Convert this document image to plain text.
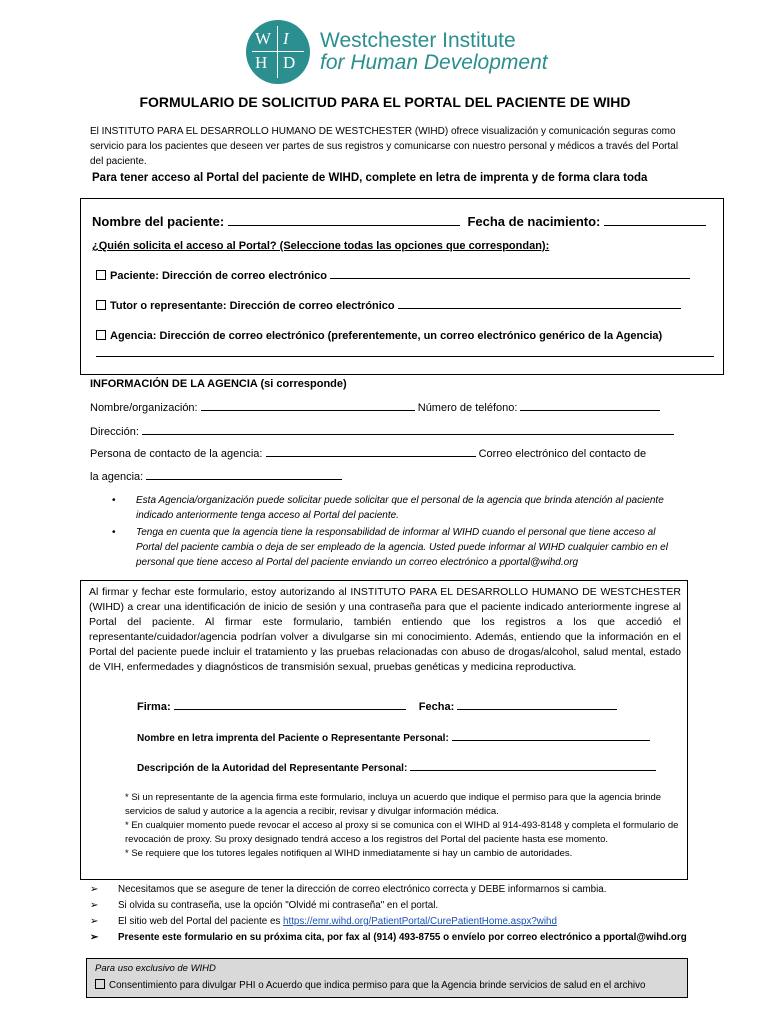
W I
H D
Westchester Institute
for Human Development
FORMULARIO DE SOLICITUD PARA EL PORTAL DEL PACIENTE DE WIHD
El INSTITUTO PARA EL DESARROLLO HUMANO DE WESTCHESTER (WIHD) ofrece visualización y comunicación seguras como servicio para los pacientes que deseen ver partes de sus registros y comunicarse con nuestro personal y médicos a través del Portal del paciente.
Para tener acceso al Portal del paciente de WIHD, complete en letra de imprenta y de forma clara toda
Nombre del paciente:	Fecha de nacimiento:
¿Quién solicita el acceso al Portal? (Seleccione todas las opciones que correspondan):
Paciente: Dirección de correo electrónico
Tutor o representante: Dirección de correo electrónico
Agencia: Dirección de correo electrónico (preferentemente, un correo electrónico genérico de la Agencia)
INFORMACIÓN DE LA AGENCIA (si corresponde)
Nombre/organización:	Número de teléfono:
Dirección:
Persona de contacto de la agencia:	Correo electrónico del contacto de
la agencia:
• Esta Agencia/organización puede solicitar puede solicitar que el personal de la agencia que brinda atención al paciente indicado anteriormente tenga acceso al Portal del paciente.
• Tenga en cuenta que la agencia tiene la responsabilidad de informar al WIHD cuando el personal que tiene acceso al Portal del paciente cambia o deja de ser empleado de la agencia. Usted puede informar al WIHD cualquier cambio en el personal que tiene acceso al Portal del paciente enviando un correo electrónico a pportal@wihd.org
Al firmar y fechar este formulario, estoy autorizando al INSTITUTO PARA EL DESARROLLO HUMANO DE WESTCHESTER (WIHD) a crear una identificación de inicio de sesión y una contraseña para que el paciente indicado anteriormente ingrese al Portal del paciente. Al firmar este formulario, también entiendo que los registros a los que accedió el representante/cuidador/agencia podrían volver a divulgarse sin mi conocimiento. Además, entiendo que la información en el Portal del paciente puede incluir el tratamiento y las pruebas relacionadas con abuso de drogas/alcohol, salud mental, estado de VIH, enfermedades y diagnósticos de transmisión sexual, pruebas genéticas y medicina reproductiva.
Firma:	Fecha:
Nombre en letra imprenta del Paciente o Representante Personal:
Descripción de la Autoridad del Representante Personal:
* Si un representante de la agencia firma este formulario, incluya un acuerdo que indique el permiso para que la agencia brinde servicios de salud y autorice a la agencia a recibir, revisar y divulgar información médica.
* En cualquier momento puede revocar el acceso al proxy si se comunica con el WIHD al 914-493-8148 y completa el formulario de revocación de proxy. Su proxy designado tendrá acceso a los registros del Portal del paciente hasta ese momento.
* Se requiere que los tutores legales notifiquen al WIHD inmediatamente si hay un cambio de autoridades.
➢ Necesitamos que se asegure de tener la dirección de correo electrónico correcta y DEBE informarnos si cambia.
➢ Si olvida su contraseña, use la opción "Olvidé mi contraseña" en el portal.
➢ El sitio web del Portal del paciente es https://emr.wihd.org/PatientPortal/CurePatientHome.aspx?wihd
➢ Presente este formulario en su próxima cita, por fax al (914) 493-8755 o envíelo por correo electrónico a pportal@wihd.org
Para uso exclusivo de WIHD
Consentimiento para divulgar PHI o Acuerdo que indica permiso para que la Agencia brinde servicios de salud en el archivo
